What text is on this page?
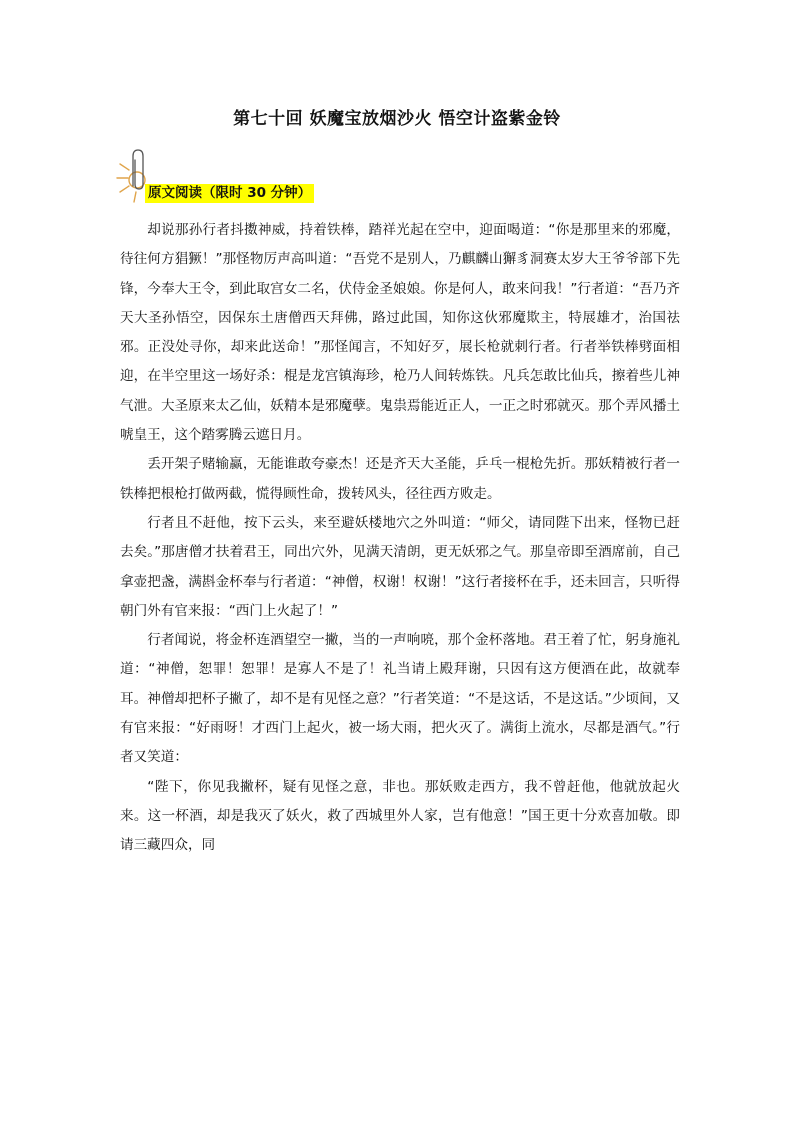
第七十回 妖魔宝放烟沙火 悟空计盗紫金铃
原文阅读（限时 30 分钟）

却说那孙行者抖擞神威，持着铁棒，踏祥光起在空中，迎面喝道：“你是那里来的邪魔，待往何方猖獗！”那怪物厉声高叫道：“吾党不是别人，乃麒麟山獬豸洞赛太岁大王爷爷部下先锋，今奉大王令，到此取宫女二名，伏侍金圣娘娘。你是何人，敢来问我！”行者道：“吾乃齐天大圣孙悟空，因保东土唐僧西天拜佛，路过此国，知你这伙邪魔欺主，特展雄才，治国祛邪。正没处寻你，却来此送命！”那怪闻言，不知好歹，展长枪就刺行者。行者举铁棒劈面相迎，在半空里这一场好杀：棍是龙宫镇海珍，枪乃人间转炼铁。凡兵怎敢比仙兵，擦着些儿神气泄。大圣原来太乙仙，妖精本是邪魔孽。鬼祟焉能近正人，一正之时邪就灭。那个弄风播土唬皇王，这个踏雾腾云遮日月。

丢开架子赌输赢，无能谁敢夸豪杰！还是齐天大圣能，乒乓一棍枪先折。那妖精被行者一铁棒把根枪打做两截，慌得顾性命，拨转风头，径往西方败走。

行者且不赶他，按下云头，来至避妖楼地穴之外叫道：“师父，请同陛下出来，怪物已赶去矣。”那唐僧才扶着君王，同出穴外，见满天清朗，更无妖邪之气。那皇帝即至酒席前，自己拿壶把盏，满斟金杯奉与行者道：“神僧，权谢！权谢！”这行者接杯在手，还未回言，只听得朝门外有官来报：“西门上火起了！”

行者闻说，将金杯连酒望空一撇，当的一声响喨，那个金杯落地。君王着了忙，躬身施礼道：“神僧，恕罪！恕罪！是寡人不是了！礼当请上殿拜谢，只因有这方便酒在此，故就奉耳。神僧却把杯子撇了，却不是有见怪之意？”行者笑道：“不是这话，不是这话。”少顷间，又有官来报：“好雨呀！才西门上起火，被一场大雨，把火灭了。满街上流水，尽都是酒气。”行者又笑道：

“陛下，你见我撇杯，疑有见怪之意，非也。那妖败走西方，我不曾赶他，他就放起火来。这一杯酒，却是我灭了妖火，救了西城里外人家，岂有他意！”国王更十分欢喜加敬。即请三藏四众，同
